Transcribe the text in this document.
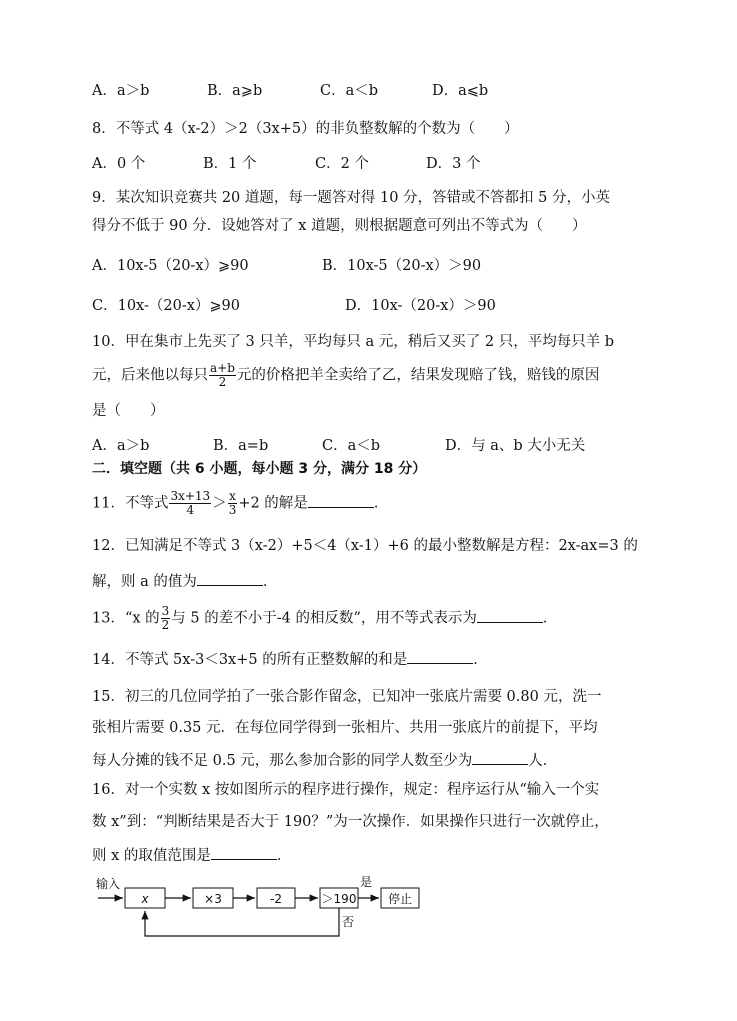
A．a＞b	B．a⩾b	C．a＜b	D．a⩽b
8．不等式 4（x-2）＞2（3x+5）的非负整数解的个数为（　　）
A．0 个	B．1 个	C．2 个	D．3 个
9．某次知识竞赛共 20 道题，每一题答对得 10 分，答错或不答都扣 5 分，小英
得分不低于 90 分．设她答对了 x 道题，则根据题意可列出不等式为（　　）
A．10x-5（20-x）⩾90	B．10x-5（20-x）＞90
C．10x-（20-x）⩾90	D．10x-（20-x）＞90
10．甲在集市上先买了 3 只羊，平均每只 a 元，稍后又买了 2 只，平均每只羊 b
元，后来他以每只 $\frac{a+b}{2}$ 元的价格把羊全卖给了乙，结果发现赔了钱，赔钱的原因
是（　　）
A．a＞b	B．a=b	C．a＜b	D．与 a、b 大小无关
二．填空题（共 6 小题，每小题 3 分，满分 18 分）
11．不等式 $\frac{3x+13}{4} > \frac{x}{3} +2$ 的解是	．
12．已知满足不等式 3（x-2）+5＜4（x-1）+6 的最小整数解是方程：2x-ax=3 的
解，则 a 的值为	．
13．“x 的 $\frac{3}{2}$ 与 5 的差不小于-4 的相反数”，用不等式表示为	．
14．不等式 5x-3＜3x+5 的所有正整数解的和是	．
15．初三的几位同学拍了一张合影作留念，已知冲一张底片需要 0.80 元，洗一
张相片需要 0.35 元．在每位同学得到一张相片、共用一张底片的前提下，平均
每人分摊的钱不足 0.5 元，那么参加合影的同学人数至少为	人．
16．对一个实数 x 按如图所示的程序进行操作，规定：程序运行从“输入一个实
数 x”到：“判断结果是否大于 190？”为一次操作．如果操作只进行一次就停止，
则 x 的取值范围是	．
输入
x	×3	-2	＞190
是
停止
否
